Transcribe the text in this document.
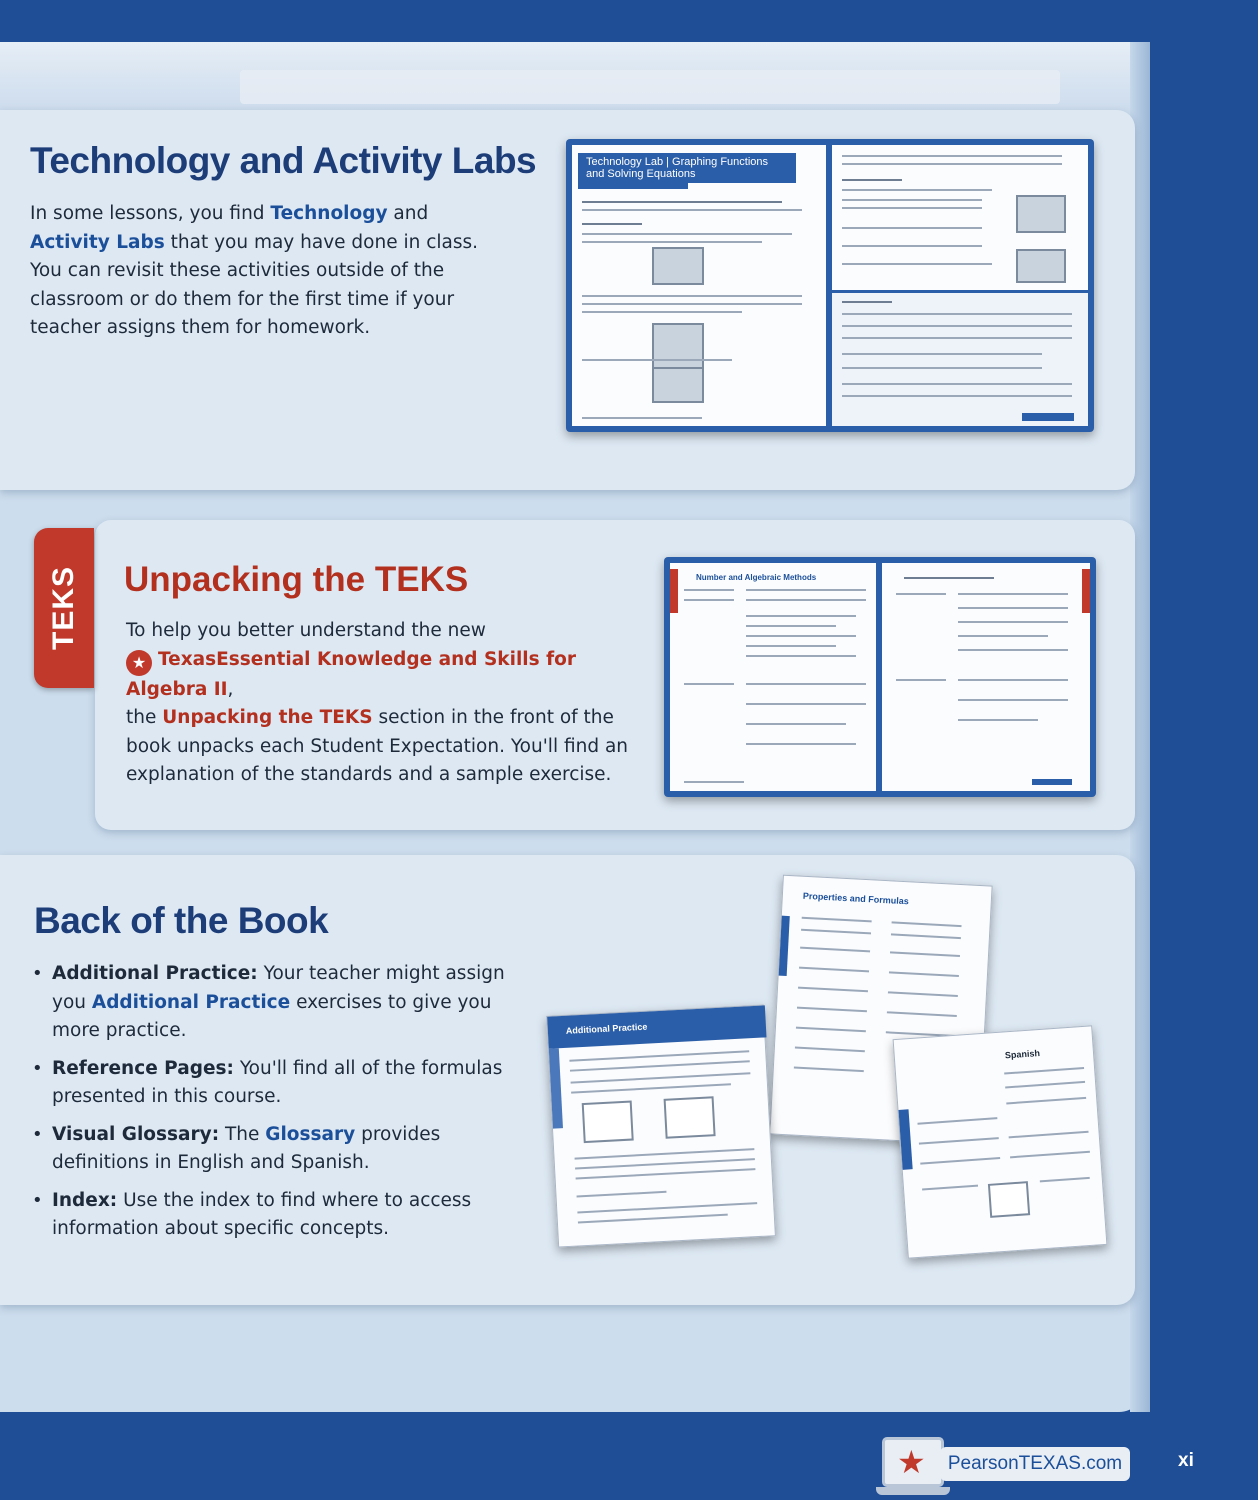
Technology and Activity Labs

In some lessons, you find Technology and Activity Labs that you may have done in class. You can revisit these activities outside of the classroom or do them for the first time if your teacher assigns them for homework.

Technology Lab | Graphing Functions and Solving Equations
TEKS Unpacking the TEKS
To help you better understand the new
★ TexasEssential Knowledge and Skills for Algebra II,
the Unpacking the TEKS section in the front of the book unpacks each Student Expectation. You'll find an explanation of the standards and a sample exercise.
Number and Algebraic Methods
Back of the Book
• Additional Practice: Your teacher might assign you Additional Practice exercises to give you more practice.
• Reference Pages: You'll find all of the formulas presented in this course.
• Visual Glossary: The Glossary provides definitions in English and Spanish.
• Index: Use the index to find where to access information about specific concepts.
Properties and Formulas
Additional Practice
Spanish
★	PearsonTEXAS.com	xi
